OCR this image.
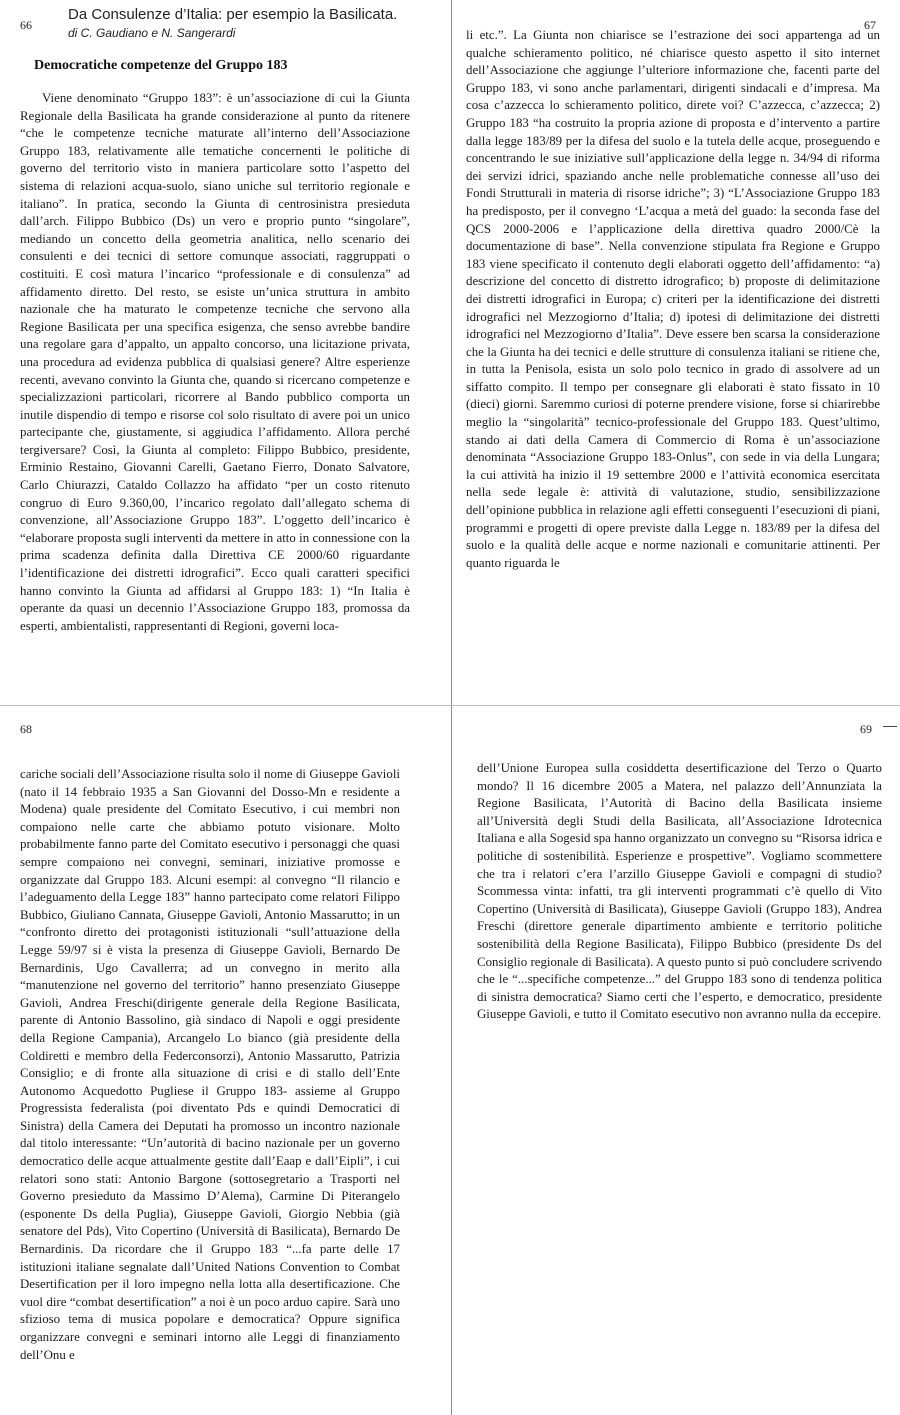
66
Da Consulenze d’Italia: per esempio la Basilicata.
di C. Gaudiano e N. Sangerardi
Democratiche competenze del Gruppo 183

Viene denominato “Gruppo 183”: è un’associazione di cui la Giunta Regionale della Basilicata ha grande considerazione al punto da ritenere “che le competenze tecniche maturate all’interno dell’Associazione Gruppo 183, relativamente alle tematiche concernenti le politiche di governo del territorio visto in maniera particolare sotto l’aspetto del sistema di relazioni acqua-suolo, siano uniche sul territorio regionale e italiano”. In pratica, secondo la Giunta di centrosinistra presieduta dall’arch. Filippo Bubbico (Ds) un vero e proprio punto “singolare”, mediando un concetto della geometria analitica, nello scenario dei consulenti e dei tecnici di settore comunque associati, raggruppati o costituiti. E così matura l’incarico “professionale e di consulenza” ad affidamento diretto. Del resto, se esiste un’unica struttura in ambito nazionale che ha maturato le competenze tecniche che servono alla Regione Basilicata per una specifica esigenza, che senso avrebbe bandire una regolare gara d’appalto, un appalto concorso, una licitazione privata, una procedura ad evidenza pubblica di qualsiasi genere? Altre esperienze recenti, avevano convinto la Giunta che, quando si ricercano competenze e specializzazioni particolari, ricorrere al Bando pubblico comporta un inutile dispendio di tempo e risorse col solo risultato di avere poi un unico partecipante che, giustamente, si aggiudica l’affidamento. Allora perché tergiversare? Così, la Giunta al completo: Filippo Bubbico, presidente, Erminio Restaino, Giovanni Carelli, Gaetano Fierro, Donato Salvatore, Carlo Chiurazzi, Cataldo Collazzo ha affidato “per un costo ritenuto congruo di Euro 9.360,00, l’incarico regolato dall’allegato schema di convenzione, all’Associazione Gruppo 183”. L’oggetto dell’incarico è “elaborare proposta sugli interventi da mettere in atto in connessione con la prima scadenza definita dalla Direttiva CE 2000/60 riguardante l’identificazione dei distretti idrografici”. Ecco quali caratteri specifici hanno convinto la Giunta ad affidarsi al Gruppo 183: 1) “In Italia è operante da quasi un decennio l’Associazione Gruppo 183, promossa da esperti, ambientalisti, rappresentanti di Regioni, governi loca-

67

li etc.”. La Giunta non chiarisce se l’estrazione dei soci appartenga ad un qualche schieramento politico, né chiarisce questo aspetto il sito internet dell’Associazione che aggiunge l’ulteriore informazione che, facenti parte del Gruppo 183, vi sono anche parlamentari, dirigenti sindacali e d’impresa. Ma cosa c’azzecca lo schieramento politico, direte voi? C’azzecca, c’azzecca; 2) Gruppo 183 “ha costruito la propria azione di proposta e d’intervento a partire dalla legge 183/89 per la difesa del suolo e la tutela delle acque, proseguendo e concentrando le sue iniziative sull’applicazione della legge n. 34/94 di riforma dei servizi idrici, spaziando anche nelle problematiche connesse all’uso dei Fondi Strutturali in materia di risorse idriche”; 3) “L’Associazione Gruppo 183 ha predisposto, per il convegno ‘L’acqua a metà del guado: la seconda fase del QCS 2000-2006 e l’applicazione della direttiva quadro 2000/Cè la documentazione di base”. Nella convenzione stipulata fra Regione e Gruppo 183 viene specificato il contenuto degli elaborati oggetto dell’affidamento: “a) descrizione del concetto di distretto idrografico; b) proposte di delimitazione dei distretti idrografici in Europa; c) criteri per la identificazione dei distretti idrografici nel Mezzogiorno d’Italia; d) ipotesi di delimitazione dei distretti idrografici nel Mezzogiorno d’Italia”. Deve essere ben scarsa la considerazione che la Giunta ha dei tecnici e delle strutture di consulenza italiani se ritiene che, in tutta la Penisola, esista un solo polo tecnico in grado di assolvere ad un siffatto compito. Il tempo per consegnare gli elaborati è stato fissato in 10 (dieci) giorni. Saremmo curiosi di poterne prendere visione, forse si chiarirebbe meglio la “singolarità” tecnico-professionale del Gruppo 183. Quest’ultimo, stando ai dati della Camera di Commercio di Roma è un’associazione denominata “Associazione Gruppo 183-Onlus”, con sede in via della Lungara; la cui attività ha inizio il 19 settembre 2000 e l’attività economica esercitata nella sede legale è: attività di valutazione, studio, sensibilizzazione dell’opinione pubblica in relazione agli effetti conseguenti l’esecuzioni di piani, programmi e progetti di opere previste dalla Legge n. 183/89 per la difesa del suolo e la qualità delle acque e norme nazionali e comunitarie attinenti. Per quanto riguarda le

68

cariche sociali dell’Associazione risulta solo il nome di Giuseppe Gavioli (nato il 14 febbraio 1935 a San Giovanni del Dosso-Mn e residente a Modena) quale presidente del Comitato Esecutivo, i cui membri non compaiono nelle carte che abbiamo potuto visionare. Molto probabilmente fanno parte del Comitato esecutivo i personaggi che quasi sempre compaiono nei convegni, seminari, iniziative promosse e organizzate dal Gruppo 183. Alcuni esempi: al convegno “Il rilancio e l’adeguamento della Legge 183” hanno partecipato come relatori Filippo Bubbico, Giuliano Cannata, Giuseppe Gavioli, Antonio Massarutto; in un “confronto diretto dei protagonisti istituzionali “sull’attuazione della Legge 59/97 si è vista la presenza di Giuseppe Gavioli, Bernardo De Bernardinis, Ugo Cavallerra; ad un convegno in merito alla “manutenzione nel governo del territorio” hanno presenziato Giuseppe Gavioli, Andrea Freschi(dirigente generale della Regione Basilicata, parente di Antonio Bassolino, già sindaco di Napoli e oggi presidente della Regione Campania), Arcangelo Lo bianco (già presidente della Coldiretti e membro della Federconsorzi), Antonio Massarutto, Patrizia Consiglio; e di fronte alla situazione di crisi e di stallo dell’Ente Autonomo Acquedotto Pugliese il Gruppo 183- assieme al Gruppo Progressista federalista (poi diventato Pds e quindi Democratici di Sinistra) della Camera dei Deputati ha promosso un incontro nazionale dal titolo interessante: “Un’autorità di bacino nazionale per un governo democratico delle acque attualmente gestite dall’Eaap e dall’Eipli”, i cui relatori sono stati: Antonio Bargone (sottosegretario a Trasporti nel Governo presieduto da Massimo D’Alema), Carmine Di Piterangelo (esponente Ds della Puglia), Giuseppe Gavioli, Giorgio Nebbia (già senatore del Pds), Vito Copertino (Università di Basilicata), Bernardo De Bernardinis. Da ricordare che il Gruppo 183 “...fa parte delle 17 istituzioni italiane segnalate dall’United Nations Convention to Combat Desertification per il loro impegno nella lotta alla desertificazione. Che vuol dire “combat desertification” a noi è un poco arduo capire. Sarà uno sfizioso tema di musica popolare e democratica? Oppure significa organizzare convegni e seminari intorno alle Leggi di finanziamento dell’Onu e

69

dell’Unione Europea sulla cosiddetta desertificazione del Terzo o Quarto mondo? Il 16 dicembre 2005 a Matera, nel palazzo dell’Annunziata la Regione Basilicata, l’Autorità di Bacino della Basilicata insieme all’Università degli Studi della Basilicata, all’Associazione Idrotecnica Italiana e alla Sogesid spa hanno organizzato un convegno su “Risorsa idrica e politiche di sostenibilità. Esperienze e prospettive”. Vogliamo scommettere che tra i relatori c’era l’arzillo Giuseppe Gavioli e compagni di studio? Scommessa vinta: infatti, tra gli interventi programmati c’è quello di Vito Copertino (Università di Basilicata), Giuseppe Gavioli (Gruppo 183), Andrea Freschi (direttore generale dipartimento ambiente e territorio politiche sostenibilità della Regione Basilicata), Filippo Bubbico (presidente Ds del Consiglio regionale di Basilicata). A questo punto si può concludere scrivendo che le “...specifiche competenze...” del Gruppo 183 sono di tendenza politica di sinistra democratica? Siamo certi che l’esperto, e democratico, presidente Giuseppe Gavioli, e tutto il Comitato esecutivo non avranno nulla da eccepire.
